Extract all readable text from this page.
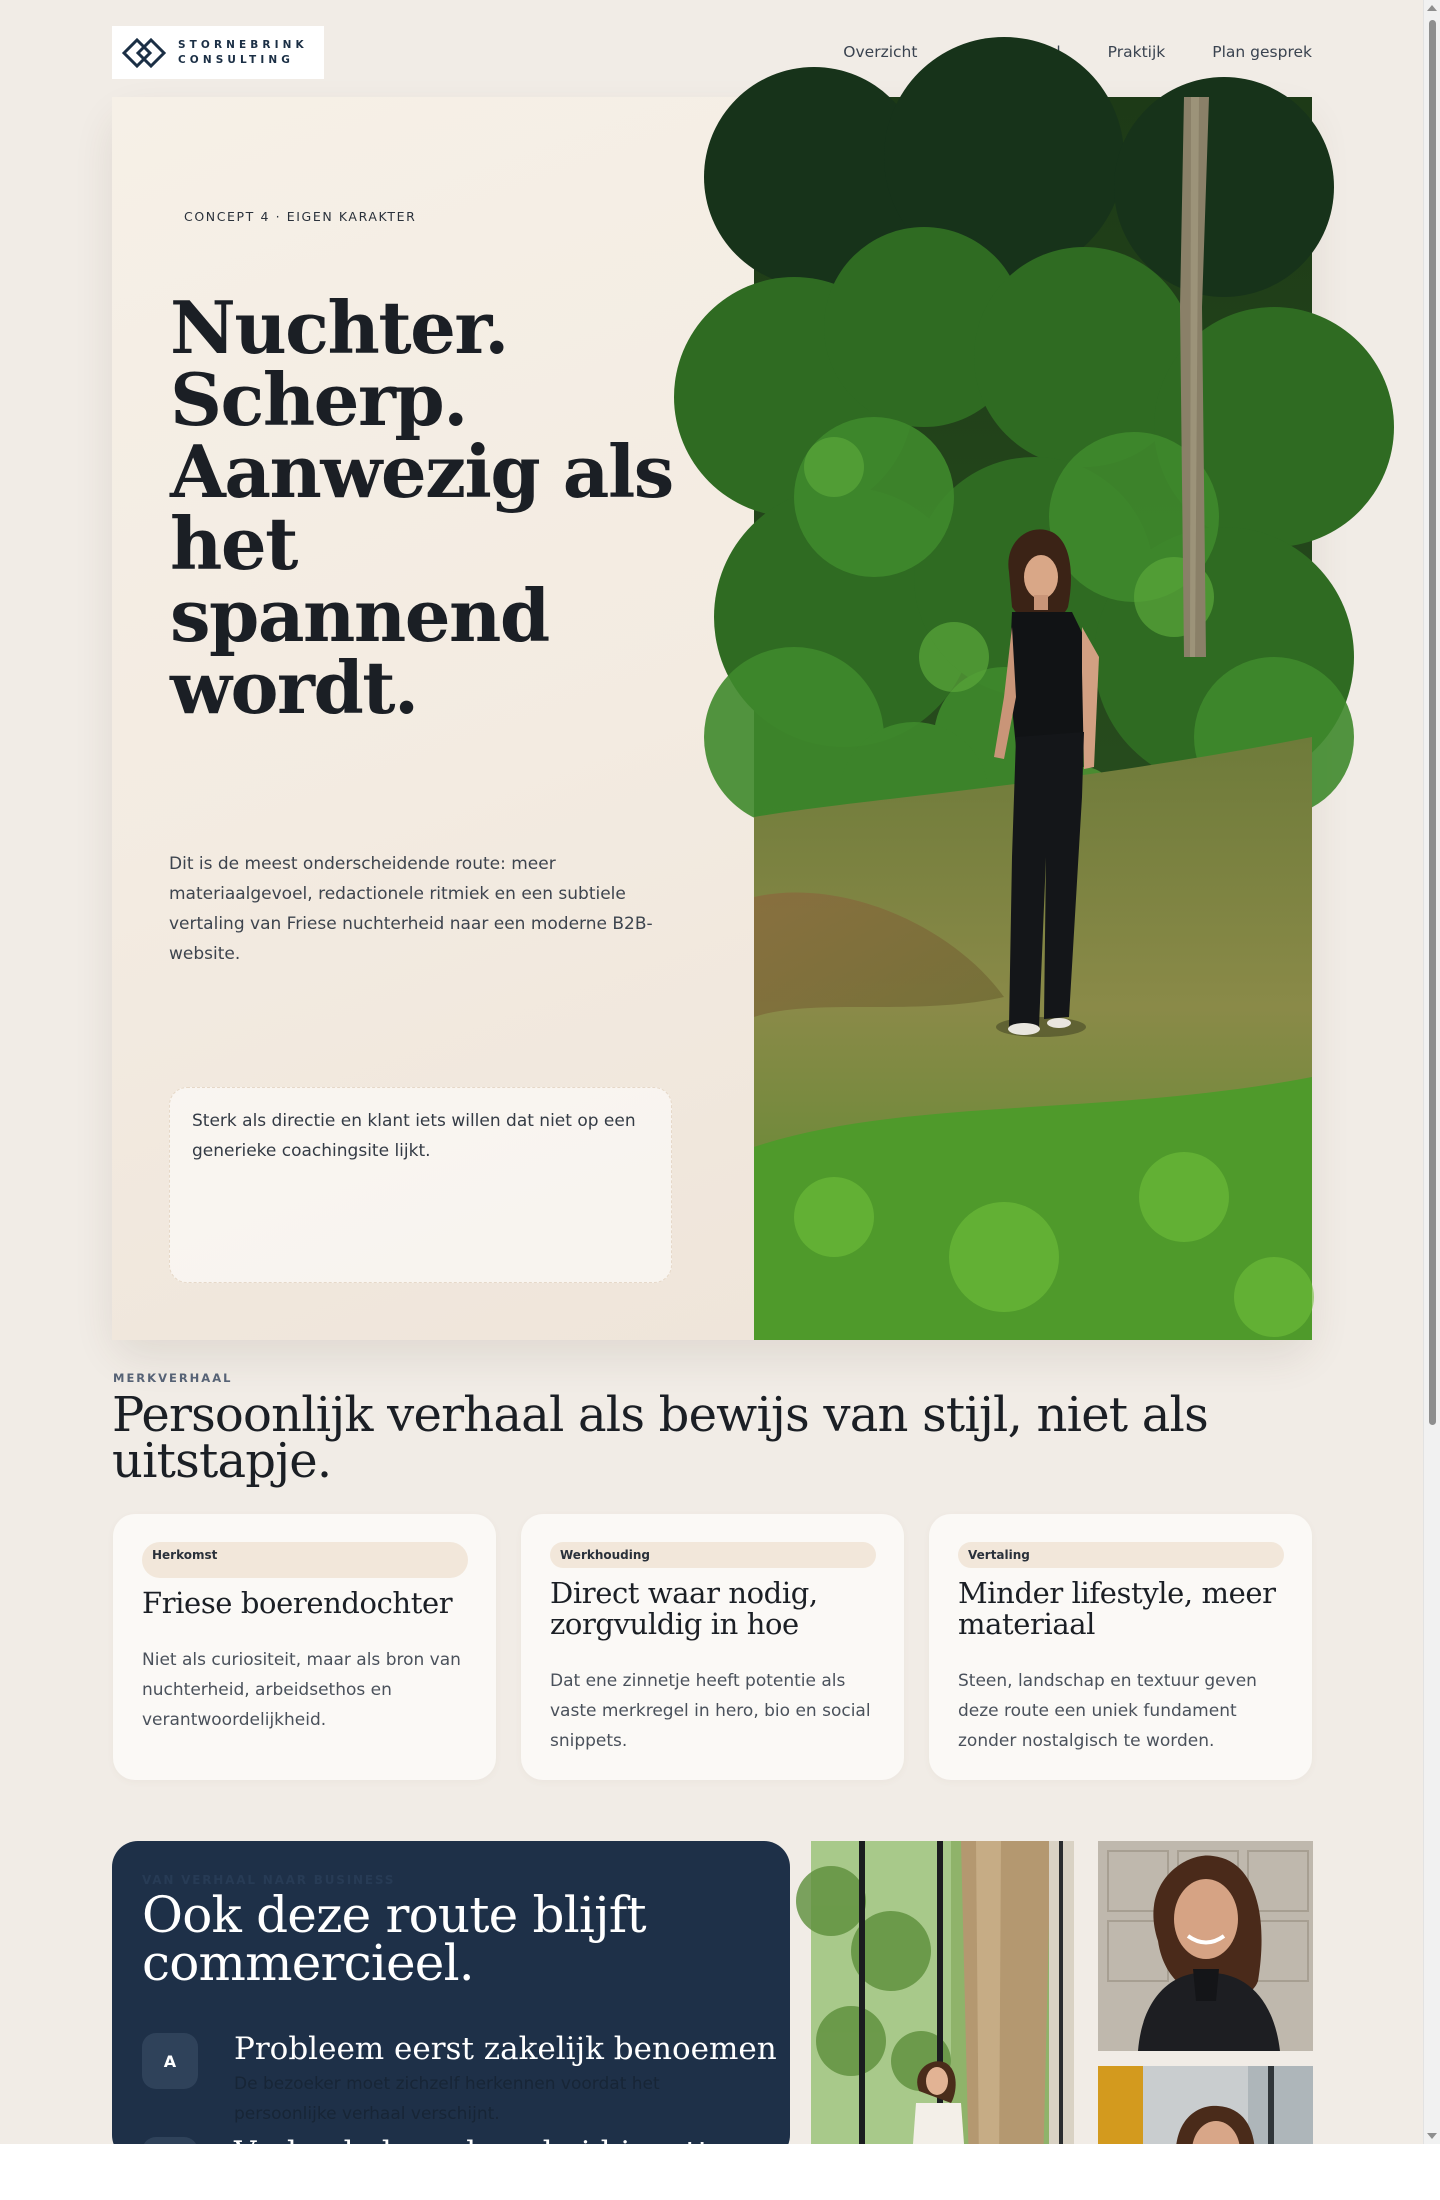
STORNEBRINK
CONSULTING	Overzicht	Praktijk	Plan gesprek
CONCEPT 4 · EIGEN KARAKTER
Nuchter.
Scherp.
Aanwezig als
het
spannend
wordt.

Dit is de meest onderscheidende route: meer materiaalgevoel, redactionele ritmiek en een subtiele vertaling van Friese nuchterheid naar een moderne B2B-website.

Sterk als directie en klant iets willen dat niet op een generieke coachingsite lijkt.
MERKVERHAAL
Persoonlijk verhaal als bewijs van stijl, niet als uitstapje.
Herkomst
Friese boerendochter

Niet als curiositeit, maar als bron van nuchterheid, arbeidsethos en verantwoordelijkheid.

Werkhouding
Direct waar nodig, zorgvuldig in hoe

Dat ene zinnetje heeft potentie als vaste merkregel in hero, bio en social snippets.

Vertaling
Minder lifestyle, meer materiaal

Steen, landschap en textuur geven deze route een uniek fundament zonder nostalgisch te worden.

VAN VERHAAL NAAR BUSINESS
Ook deze route blijft commercieel.
A	Probleem eerst zakelijk benoemen

De bezoeker moet zichzelf herkennen voordat het persoonlijke verhaal verschijnt.
